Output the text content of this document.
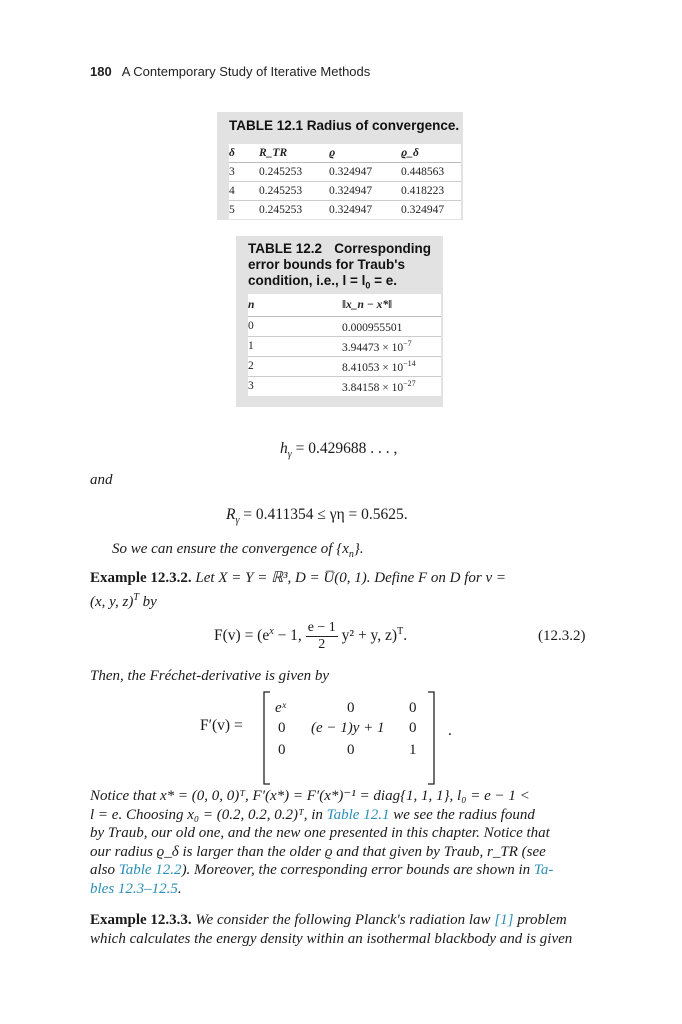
180 A Contemporary Study of Iterative Methods
TABLE 12.1 Radius of convergence.
δ	R_TR	ϱ	ϱ_δ
3	0.245253	0.324947	0.448563
4	0.245253	0.324947	0.418223
5	0.245253	0.324947	0.324947
TABLE 12.2 Corresponding
error bounds for Traub's
condition, i.e., $l = l_0 = e$.
n	‖x_n − x*‖
0	0.000955501
1	$3.94473 \times 10^{-7}$
2	$8.41053 \times 10^{-14}$
3	$3.84158 \times 10^{-27}$
$h_\gamma = 0.429688$ . . . ,
and
$R_\gamma = 0.411354 \le \gamma\eta = 0.5625$.
So we can ensure the convergence of $\{x_n\}$.
Example 12.3.2. Let X = Y = ℝ³, D = U̅(0, 1). Define F on D for v =
(x, y, z)$^T$ by
$F(v) = (e^x - 1$, $\frac{e - 1}{2} y^2 + y$, z)$^T$.	(12.3.2)
Then, the Fréchet-derivative is given by
F′(v) =
eˣ	0	0
0 (e − 1)y + 1 0
0	0	1
.
Notice that x* = (0, 0, 0)ᵀ, F′(x*) = F′(x*)⁻¹ = diag{1, 1, 1}, l₀ = e − 1 <
l = e. Choosing x₀ = (0.2, 0.2, 0.2)ᵀ, in Table 12.1 we see the radius found
by Traub, our old one, and the new one presented in this chapter. Notice that
our radius ϱ_δ is larger than the older ϱ and that given by Traub, r_TR (see
also Table 12.2). Moreover, the corresponding error bounds are shown in Ta-
bles 12.3–12.5.
Example 12.3.3. We consider the following Planck's radiation law [1] problem
which calculates the energy density within an isothermal blackbody and is given
